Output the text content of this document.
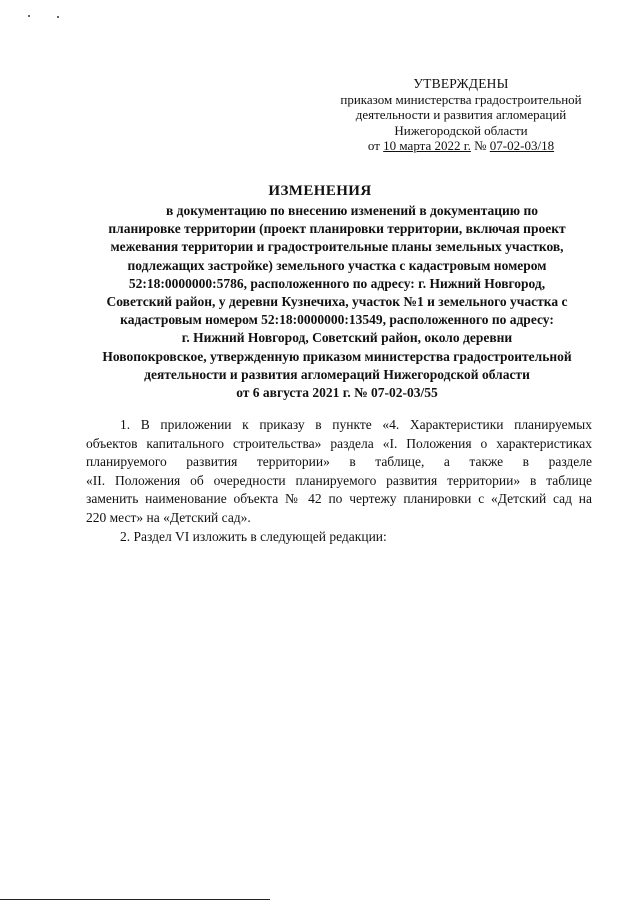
УТВЕРЖДЕНЫ
приказом министерства градостроительной
деятельности и развития агломераций
Нижегородской области
от 10 марта 2022 г. № 07-02-03/18
ИЗМЕНЕНИЯ
в документацию по внесению изменений в документацию по
планировке территории (проект планировки территории, включая проект
межевания территории и градостроительные планы земельных участков,
подлежащих застройке) земельного участка с кадастровым номером
52:18:0000000:5786, расположенного по адресу: г. Нижний Новгород,
Советский район, у деревни Кузнечиха, участок №1 и земельного участка с
кадастровым номером 52:18:0000000:13549, расположенного по адресу:
г. Нижний Новгород, Советский район, около деревни
Новопокровское, утвержденную приказом министерства градостроительной
деятельности и развития агломераций Нижегородской области
от 6 августа 2021 г. № 07-02-03/55
1. В приложении к приказу в пункте «4. Характеристики планируемых
объектов капитального строительства» раздела «I. Положения о характеристиках
планируемого развития территории» в таблице, а также в разделе
«II. Положения об очередности планируемого развития территории» в таблице
заменить наименование объекта № 42 по чертежу планировки с «Детский сад на
220 мест» на «Детский сад».
2. Раздел VI изложить в следующей редакции:
